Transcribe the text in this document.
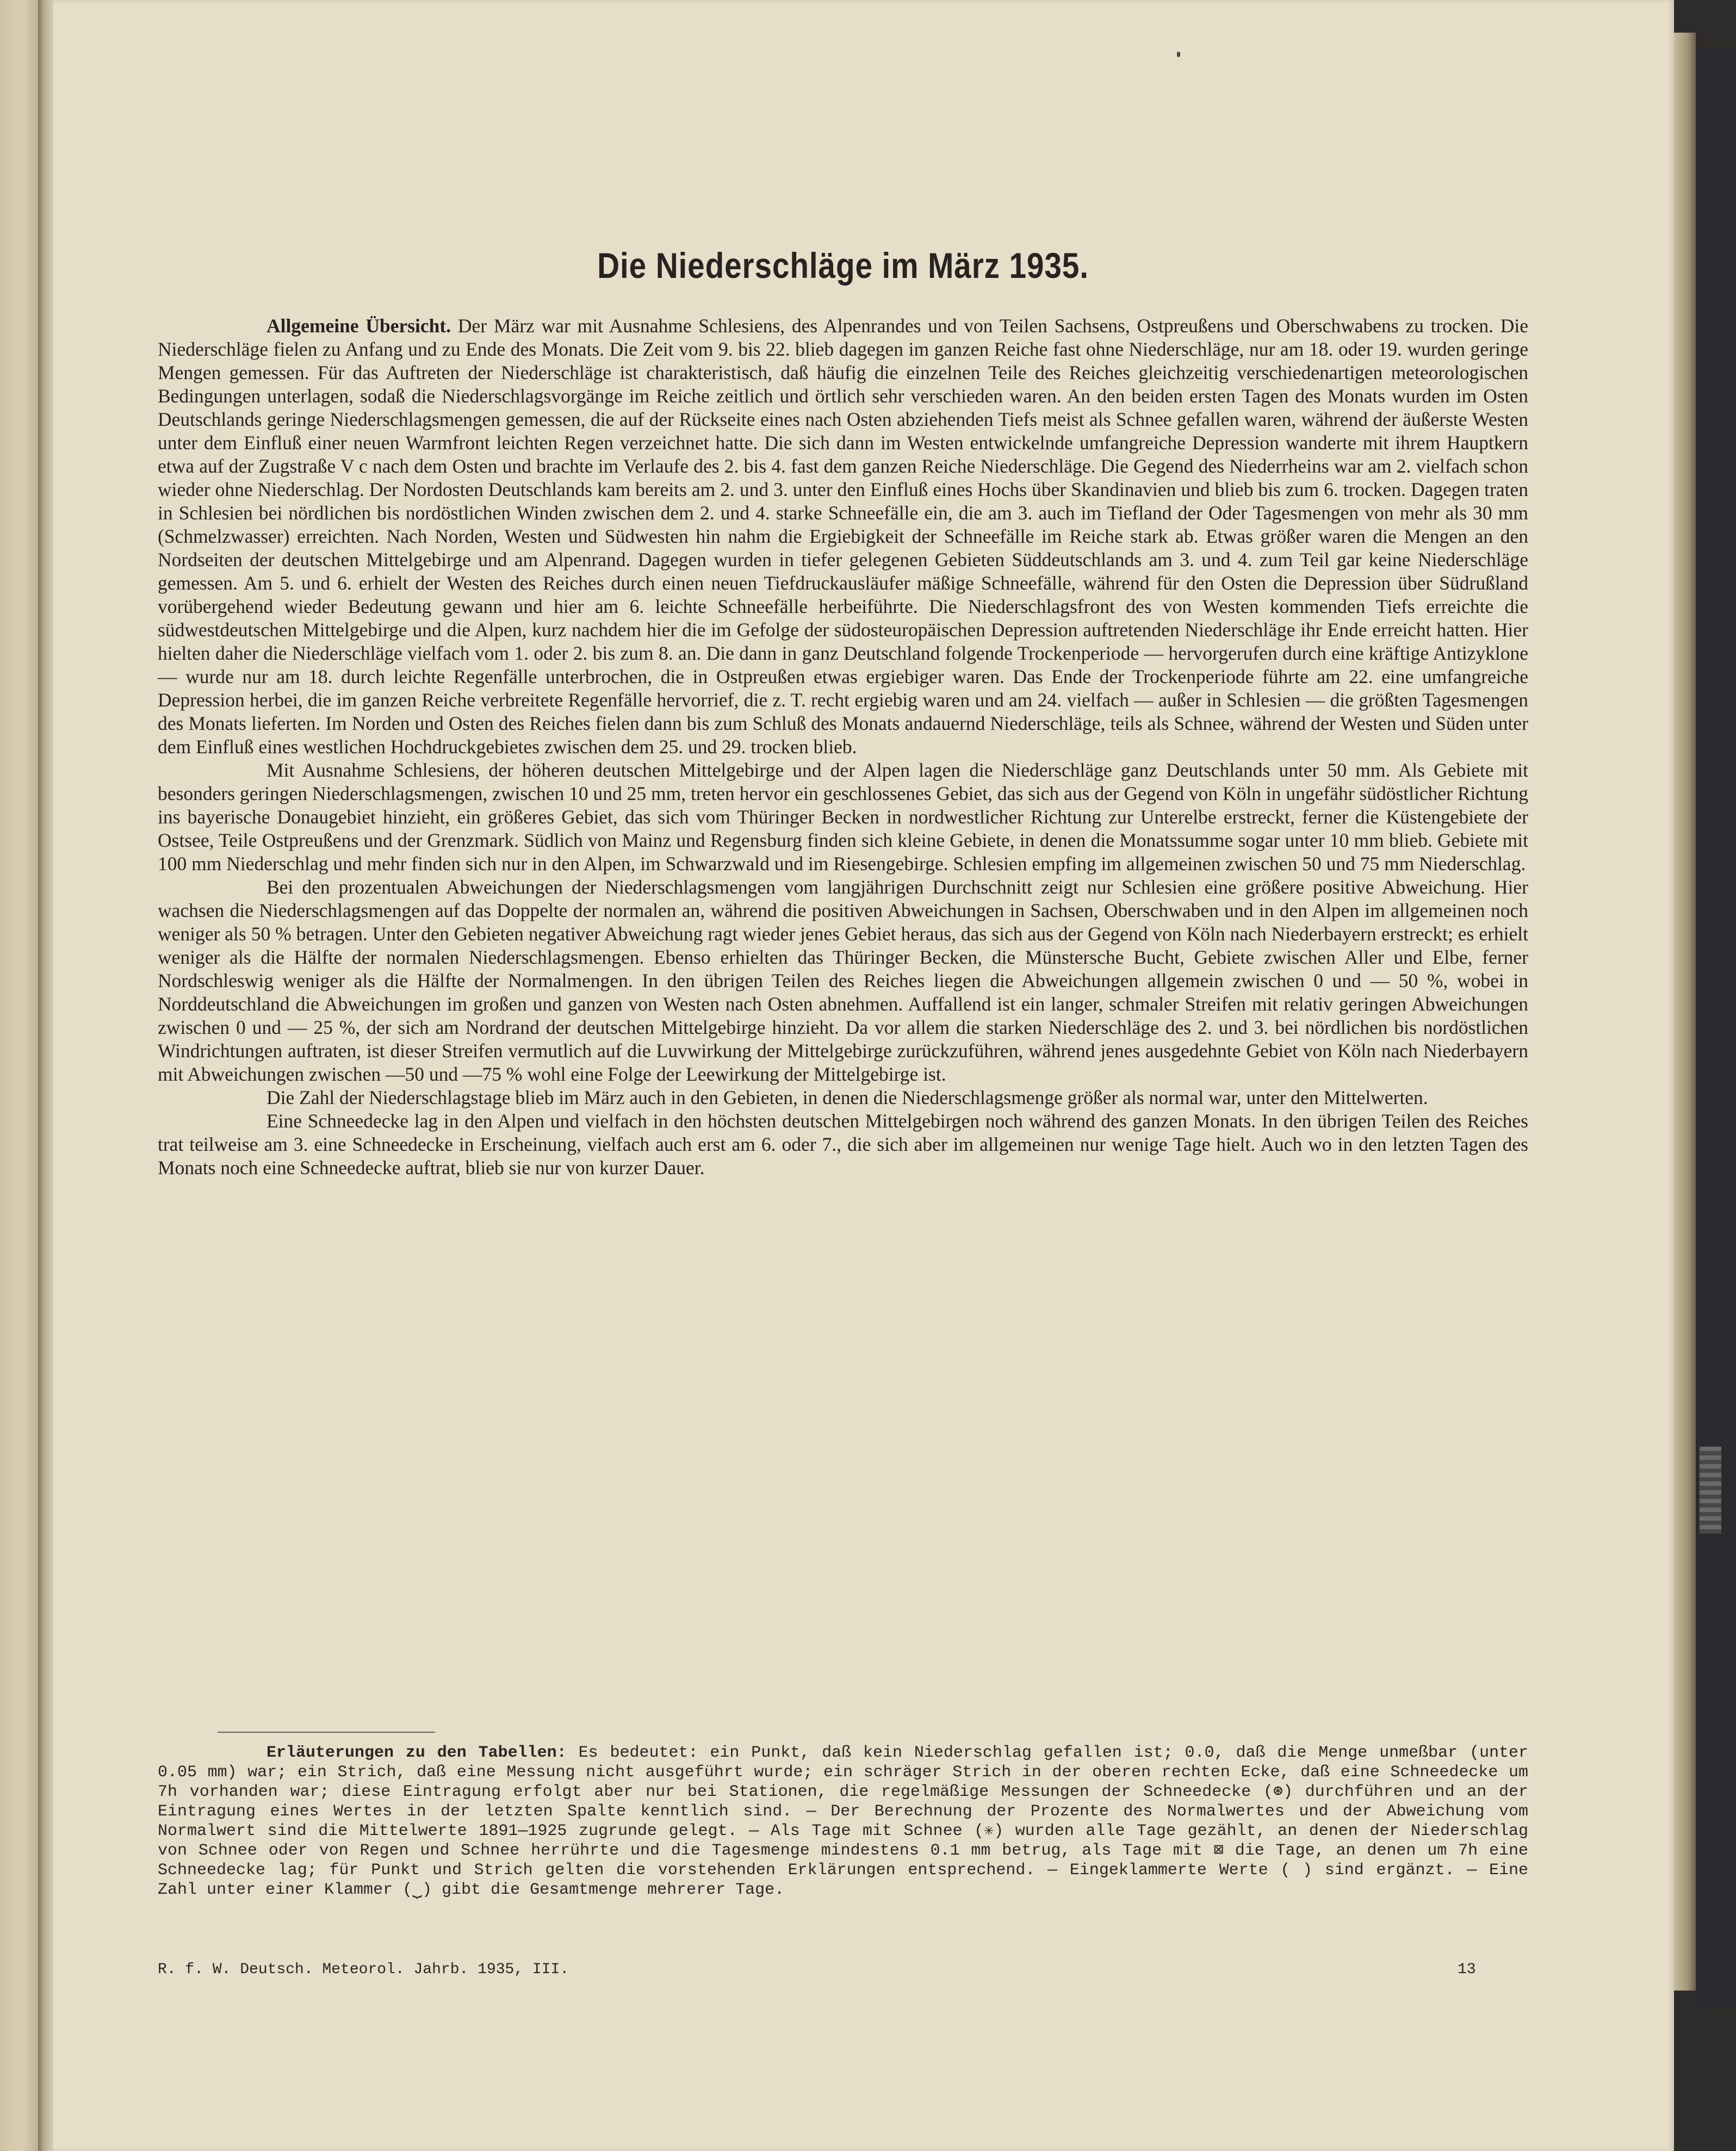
Die Niederschläge im März 1935.

Allgemeine Übersicht. Der März war mit Ausnahme Schlesiens, des Alpenrandes und von Teilen Sachsens, Ostpreußens und Oberschwabens zu trocken. Die Niederschläge fielen zu Anfang und zu Ende des Monats. Die Zeit vom 9. bis 22. blieb dagegen im ganzen Reiche fast ohne Niederschläge, nur am 18. oder 19. wurden geringe Mengen gemessen. Für das Auftreten der Niederschläge ist charakteristisch, daß häufig die einzelnen Teile des Reiches gleichzeitig verschiedenartigen meteorologischen Bedingungen unterlagen, sodaß die Niederschlagsvorgänge im Reiche zeitlich und örtlich sehr verschieden waren. An den beiden ersten Tagen des Monats wurden im Osten Deutschlands geringe Niederschlagsmengen gemessen, die auf der Rückseite eines nach Osten abziehenden Tiefs meist als Schnee gefallen waren, während der äußerste Westen unter dem Einfluß einer neuen Warmfront leichten Regen verzeichnet hatte. Die sich dann im Westen entwickelnde umfangreiche Depression wanderte mit ihrem Hauptkern etwa auf der Zugstraße V c nach dem Osten und brachte im Verlaufe des 2. bis 4. fast dem ganzen Reiche Niederschläge. Die Gegend des Niederrheins war am 2. vielfach schon wieder ohne Niederschlag. Der Nordosten Deutschlands kam bereits am 2. und 3. unter den Einfluß eines Hochs über Skandinavien und blieb bis zum 6. trocken. Dagegen traten in Schlesien bei nördlichen bis nordöstlichen Winden zwischen dem 2. und 4. starke Schneefälle ein, die am 3. auch im Tiefland der Oder Tagesmengen von mehr als 30 mm (Schmelzwasser) erreichten. Nach Norden, Westen und Südwesten hin nahm die Ergiebigkeit der Schneefälle im Reiche stark ab. Etwas größer waren die Mengen an den Nordseiten der deutschen Mittelgebirge und am Alpenrand. Dagegen wurden in tiefer gelegenen Gebieten Süddeutschlands am 3. und 4. zum Teil gar keine Niederschläge gemessen. Am 5. und 6. erhielt der Westen des Reiches durch einen neuen Tiefdruckausläufer mäßige Schneefälle, während für den Osten die Depression über Südrußland vorübergehend wieder Bedeutung gewann und hier am 6. leichte Schneefälle herbeiführte. Die Niederschlagsfront des von Westen kommenden Tiefs erreichte die südwestdeutschen Mittelgebirge und die Alpen, kurz nachdem hier die im Gefolge der südosteuropäischen Depression auftretenden Niederschläge ihr Ende erreicht hatten. Hier hielten daher die Niederschläge vielfach vom 1. oder 2. bis zum 8. an. Die dann in ganz Deutschland folgende Trockenperiode — hervorgerufen durch eine kräftige Antizyklone — wurde nur am 18. durch leichte Regenfälle unterbrochen, die in Ostpreußen etwas ergiebiger waren. Das Ende der Trockenperiode führte am 22. eine umfangreiche Depression herbei, die im ganzen Reiche verbreitete Regenfälle hervorrief, die z. T. recht ergiebig waren und am 24. vielfach — außer in Schlesien — die größten Tagesmengen des Monats lieferten. Im Norden und Osten des Reiches fielen dann bis zum Schluß des Monats andauernd Niederschläge, teils als Schnee, während der Westen und Süden unter dem Einfluß eines westlichen Hochdruckgebietes zwischen dem 25. und 29. trocken blieb.

Mit Ausnahme Schlesiens, der höheren deutschen Mittelgebirge und der Alpen lagen die Niederschläge ganz Deutschlands unter 50 mm. Als Gebiete mit besonders geringen Niederschlagsmengen, zwischen 10 und 25 mm, treten hervor ein geschlossenes Gebiet, das sich aus der Gegend von Köln in ungefähr südöstlicher Richtung ins bayerische Donaugebiet hinzieht, ein größeres Gebiet, das sich vom Thüringer Becken in nordwestlicher Richtung zur Unterelbe erstreckt, ferner die Küstengebiete der Ostsee, Teile Ostpreußens und der Grenzmark. Südlich von Mainz und Regensburg finden sich kleine Gebiete, in denen die Monatssumme sogar unter 10 mm blieb. Gebiete mit 100 mm Niederschlag und mehr finden sich nur in den Alpen, im Schwarzwald und im Riesengebirge. Schlesien empfing im allgemeinen zwischen 50 und 75 mm Niederschlag.

Bei den prozentualen Abweichungen der Niederschlagsmengen vom langjährigen Durchschnitt zeigt nur Schlesien eine größere positive Abweichung. Hier wachsen die Niederschlagsmengen auf das Doppelte der normalen an, während die positiven Abweichungen in Sachsen, Oberschwaben und in den Alpen im allgemeinen noch weniger als 50 % betragen. Unter den Gebieten negativer Abweichung ragt wieder jenes Gebiet heraus, das sich aus der Gegend von Köln nach Niederbayern erstreckt; es erhielt weniger als die Hälfte der normalen Niederschlagsmengen. Ebenso erhielten das Thüringer Becken, die Münstersche Bucht, Gebiete zwischen Aller und Elbe, ferner Nordschleswig weniger als die Hälfte der Normalmengen. In den übrigen Teilen des Reiches liegen die Abweichungen allgemein zwischen 0 und — 50 %, wobei in Norddeutschland die Abweichungen im großen und ganzen von Westen nach Osten abnehmen. Auffallend ist ein langer, schmaler Streifen mit relativ geringen Abweichungen zwischen 0 und — 25 %, der sich am Nordrand der deutschen Mittelgebirge hinzieht. Da vor allem die starken Niederschläge des 2. und 3. bei nördlichen bis nordöstlichen Windrichtungen auftraten, ist dieser Streifen vermutlich auf die Luvwirkung der Mittelgebirge zurückzuführen, während jenes ausgedehnte Gebiet von Köln nach Niederbayern mit Abweichungen zwischen —50 und —75 % wohl eine Folge der Leewirkung der Mittelgebirge ist.

Die Zahl der Niederschlagstage blieb im März auch in den Gebieten, in denen die Niederschlagsmenge größer als normal war, unter den Mittelwerten.

Eine Schneedecke lag in den Alpen und vielfach in den höchsten deutschen Mittelgebirgen noch während des ganzen Monats. In den übrigen Teilen des Reiches trat teilweise am 3. eine Schneedecke in Erscheinung, vielfach auch erst am 6. oder 7., die sich aber im allgemeinen nur wenige Tage hielt. Auch wo in den letzten Tagen des Monats noch eine Schneedecke auftrat, blieb sie nur von kurzer Dauer.

Erläuterungen zu den Tabellen: Es bedeutet: ein Punkt, daß kein Niederschlag gefallen ist; 0.0, daß die Menge unmeßbar (unter 0.05 mm) war; ein Strich, daß eine Messung nicht ausgeführt wurde; ein schräger Strich in der oberen rechten Ecke, daß eine Schneedecke um 7h vorhanden war; diese Eintragung erfolgt aber nur bei Stationen, die regelmäßige Messungen der Schneedecke (⊛) durchführen und an der Eintragung eines Wertes in der letzten Spalte kenntlich sind. — Der Berechnung der Prozente des Normalwertes und der Abweichung vom Normalwert sind die Mittelwerte 1891—1925 zugrunde gelegt. — Als Tage mit Schnee (✳) wurden alle Tage gezählt, an denen der Niederschlag von Schnee oder von Regen und Schnee herrührte und die Tagesmenge mindestens 0.1 mm betrug, als Tage mit ⊠ die Tage, an denen um 7h eine Schneedecke lag; für Punkt und Strich gelten die vorstehenden Erklärungen entsprechend. — Eingeklammerte Werte ( ) sind ergänzt. — Eine Zahl unter einer Klammer (⏟) gibt die Gesamtmenge mehrerer Tage.
R. f. W. Deutsch. Meteorol. Jahrb. 1935, III.	13
